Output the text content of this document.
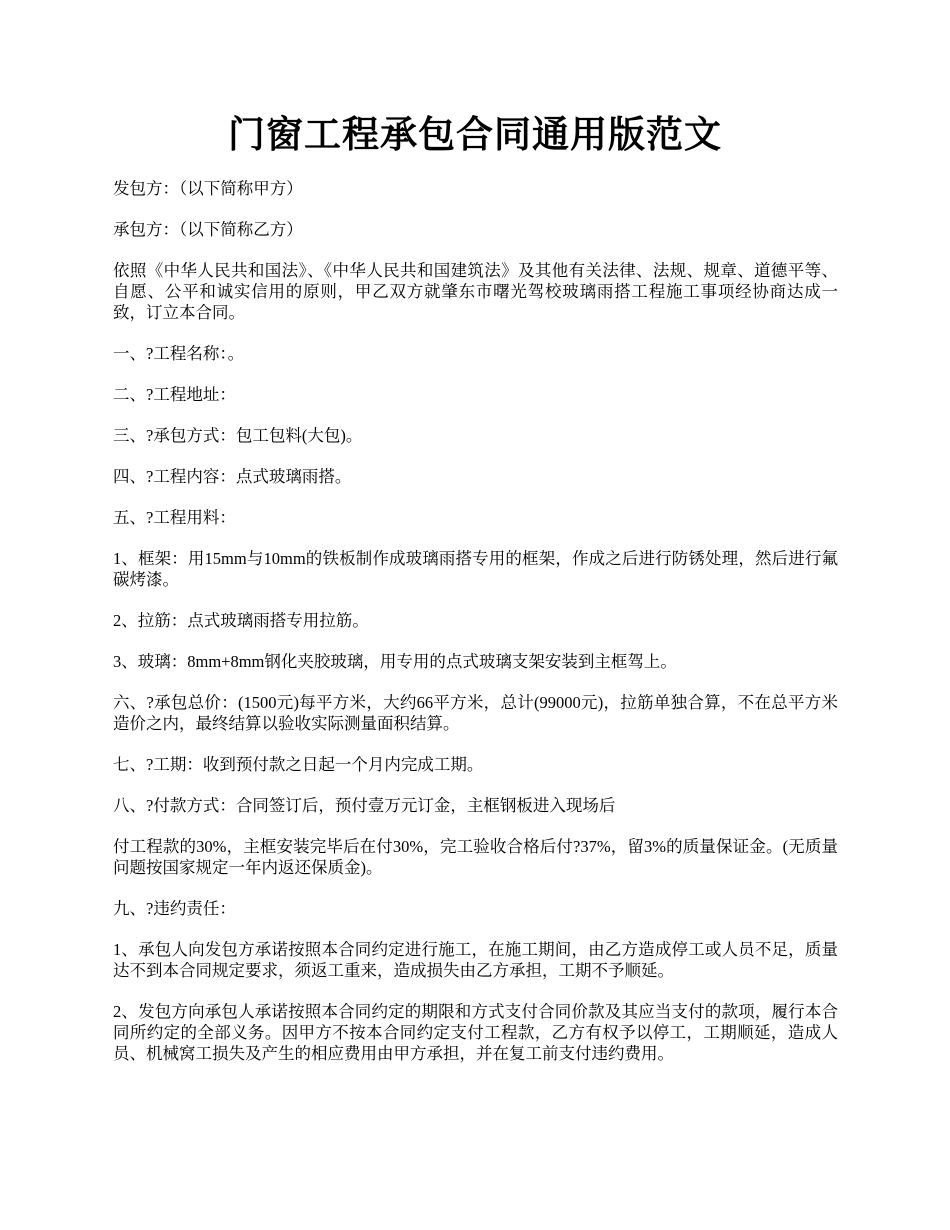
门窗工程承包合同通用版范文

发包方：（以下简称甲方）

承包方：（以下简称乙方）

依照《中华人民共和国法》、《中华人民共和国建筑法》及其他有关法律、法规、规章、道德平等、自愿、公平和诚实信用的原则，甲乙双方就肇东市曙光驾校玻璃雨搭工程施工事项经协商达成一致，订立本合同。

一、?工程名称：。

二、?工程地址：

三、?承包方式：包工包料(大包)。

四、?工程内容：点式玻璃雨搭。

五、?工程用料：

1、框架：用15mm与10mm的铁板制作成玻璃雨搭专用的框架，作成之后进行防锈处理，然后进行氟碳烤漆。

2、拉筋：点式玻璃雨搭专用拉筋。

3、玻璃：8mm+8mm钢化夹胶玻璃，用专用的点式玻璃支架安装到主框驾上。

六、?承包总价：(1500元)每平方米，大约66平方米，总计(99000元)，拉筋单独合算，不在总平方米造价之内，最终结算以验收实际测量面积结算。

七、?工期：收到预付款之日起一个月内完成工期。

八、?付款方式：合同签订后，预付壹万元订金，主框钢板进入现场后

付工程款的30%，主框安装完毕后在付30%，完工验收合格后付?37%，留3%的质量保证金。(无质量问题按国家规定一年内返还保质金)。

九、?违约责任：

1、承包人向发包方承诺按照本合同约定进行施工，在施工期间，由乙方造成停工或人员不足，质量达不到本合同规定要求，须返工重来，造成损失由乙方承担，工期不予顺延。

2、发包方向承包人承诺按照本合同约定的期限和方式支付合同价款及其应当支付的款项，履行本合同所约定的全部义务。因甲方不按本合同约定支付工程款，乙方有权予以停工，工期顺延，造成人员、机械窝工损失及产生的相应费用由甲方承担，并在复工前支付违约费用。
